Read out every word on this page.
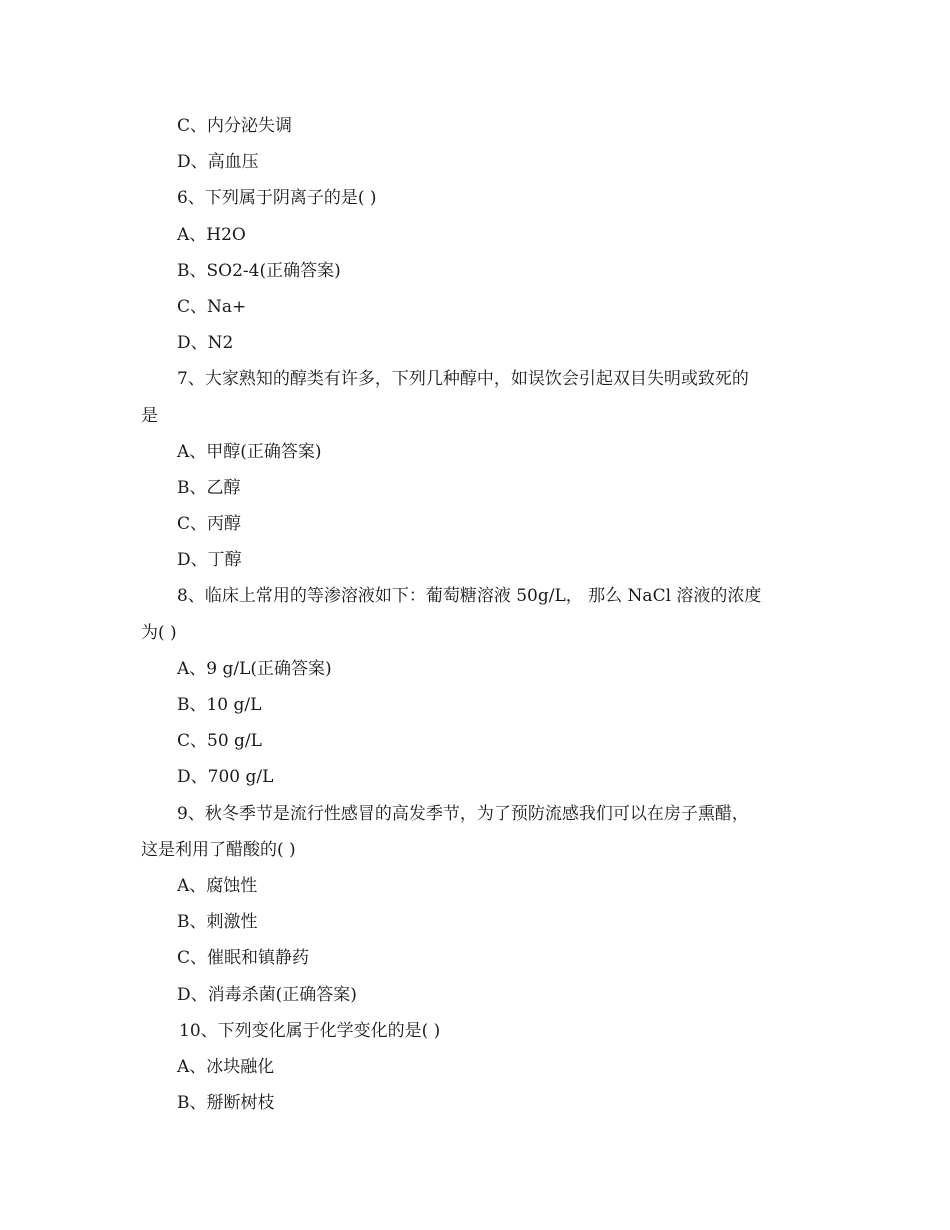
C、内分泌失调

D、高血压

6、下列属于阴离子的是( )

A、H2O

B、SO2-4(正确答案)

C、Na+

D、N2

7、大家熟知的醇类有许多，下列几种醇中，如误饮会引起双目失明或致死的

是

A、甲醇(正确答案)

B、乙醇

C、丙醇

D、丁醇

8、临床上常用的等渗溶液如下：葡萄糖溶液 50g/L， 那么 NaCl 溶液的浓度

为( )

A、9 g/L(正确答案)

B、10 g/L

C、50 g/L

D、700 g/L

9、秋冬季节是流行性感冒的高发季节，为了预防流感我们可以在房子熏醋，

这是利用了醋酸的( )

A、腐蚀性

B、刺激性

C、催眠和镇静药

D、消毒杀菌(正确答案)

10、下列变化属于化学变化的是( )

A、冰块融化

B、掰断树枝
